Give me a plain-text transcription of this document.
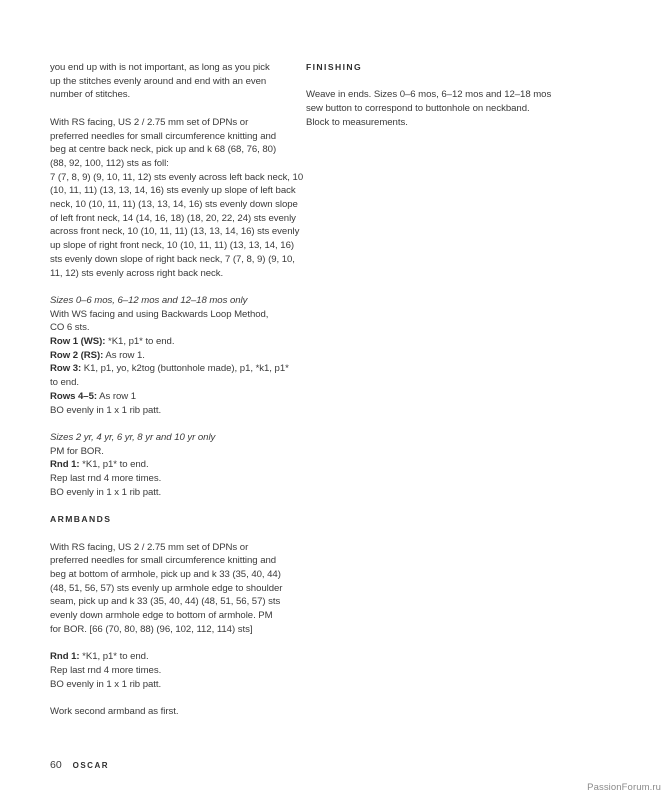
you end up with is not important, as long as you pick

up the stitches evenly around and end with an even

number of stitches.

With RS facing, US 2 / 2.75 mm set of DPNs or

preferred needles for small circumference knitting and

beg at centre back neck, pick up and k 68 (68, 76, 80)

(88, 92, 100, 112) sts as foll:

7 (7, 8, 9) (9, 10, 11, 12) sts evenly across left back neck, 10

(10, 11, 11) (13, 13, 14, 16) sts evenly up slope of left back

neck, 10 (10, 11, 11) (13, 13, 14, 16) sts evenly down slope

of left front neck, 14 (14, 16, 18) (18, 20, 22, 24) sts evenly

across front neck, 10 (10, 11, 11) (13, 13, 14, 16) sts evenly

up slope of right front neck, 10 (10, 11, 11) (13, 13, 14, 16)

sts evenly down slope of right back neck, 7 (7, 8, 9) (9, 10,

11, 12) sts evenly across right back neck.

Sizes 0–6 mos, 6–12 mos and 12–18 mos only

With WS facing and using Backwards Loop Method,

CO 6 sts.

Row 1 (WS): *K1, p1* to end.

Row 2 (RS): As row 1.

Row 3: K1, p1, yo, k2tog (buttonhole made), p1, *k1, p1*

to end.

Rows 4–5: As row 1

BO evenly in 1 x 1 rib patt.

Sizes 2 yr, 4 yr, 6 yr, 8 yr and 10 yr only

PM for BOR.

Rnd 1: *K1, p1* to end.

Rep last rnd 4 more times.

BO evenly in 1 x 1 rib patt.

ARMBANDS

With RS facing, US 2 / 2.75 mm set of DPNs or

preferred needles for small circumference knitting and

beg at bottom of armhole, pick up and k 33 (35, 40, 44)

(48, 51, 56, 57) sts evenly up armhole edge to shoulder

seam, pick up and k 33 (35, 40, 44) (48, 51, 56, 57) sts

evenly down armhole edge to bottom of armhole. PM

for BOR. [66 (70, 80, 88) (96, 102, 112, 114) sts]

Rnd 1: *K1, p1* to end.

Rep last rnd 4 more times.

BO evenly in 1 x 1 rib patt.

Work second armband as first.

FINISHING

Weave in ends. Sizes 0–6 mos, 6–12 mos and 12–18 mos

sew button to correspond to buttonhole on neckband.

Block to measurements.

60 OSCAR
PassionForum.ru
